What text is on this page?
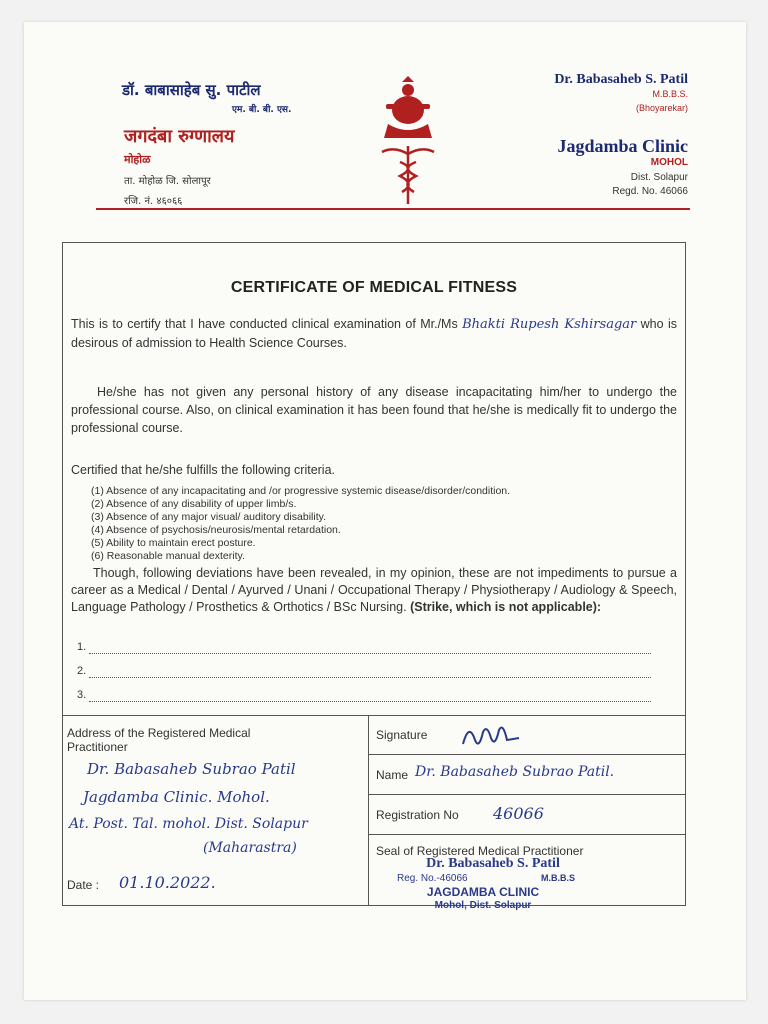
डॉ. बाबासाहेब सु. पाटील
एम. बी. बी. एस.
जगदंबा रुग्णालय
मोहोळ
ता. मोहोळ जि. सोलापूर
रजि. नं. ४६०६६
Dr. Babasaheb S. Patil
M.B.B.S.
(Bhoyarekar)
Jagdamba Clinic
MOHOL
Dist. Solapur
Regd. No. 46066
CERTIFICATE OF MEDICAL FITNESS
This is to certify that I have conducted clinical examination of Mr./Ms Bhakti Rupesh Kshirsagar who is desirous of admission to Health Science Courses.
He/she has not given any personal history of any disease incapacitating him/her to undergo the professional course. Also, on clinical examination it has been found that he/she is medically fit to undergo the professional course.
Certified that he/she fulfills the following criteria.
(1) Absence of any incapacitating and /or progressive systemic disease/disorder/condition.
(2) Absence of any disability of upper limb/s.
(3) Absence of any major visual/ auditory disability.
(4) Absence of psychosis/neurosis/mental retardation.
(5) Ability to maintain erect posture.
(6) Reasonable manual dexterity.
Though, following deviations have been revealed, in my opinion, these are not impediments to pursue a career as a Medical / Dental / Ayurved / Unani / Occupational Therapy / Physiotherapy / Audiology & Speech, Language Pathology / Prosthetics & Orthotics / BSc Nursing. (Strike, which is not applicable):
1.
2.
3.
Address of the Registered Medical Practitioner
Dr. Babasaheb Subrao Patil
Jagdamba Clinic. Mohol.
At. Post. Tal. mohol. Dist. Solapur
(Maharastra)
Date : 01.10.2022.
Signature
Name Dr. Babasaheb Subrao Patil.
Registration No 46066
Seal of Registered Medical Practitioner
Dr. Babasaheb S. Patil
Reg. No.-46066	M.B.B.S
JAGDAMBA CLINIC
Mohol, Dist. Solapur
